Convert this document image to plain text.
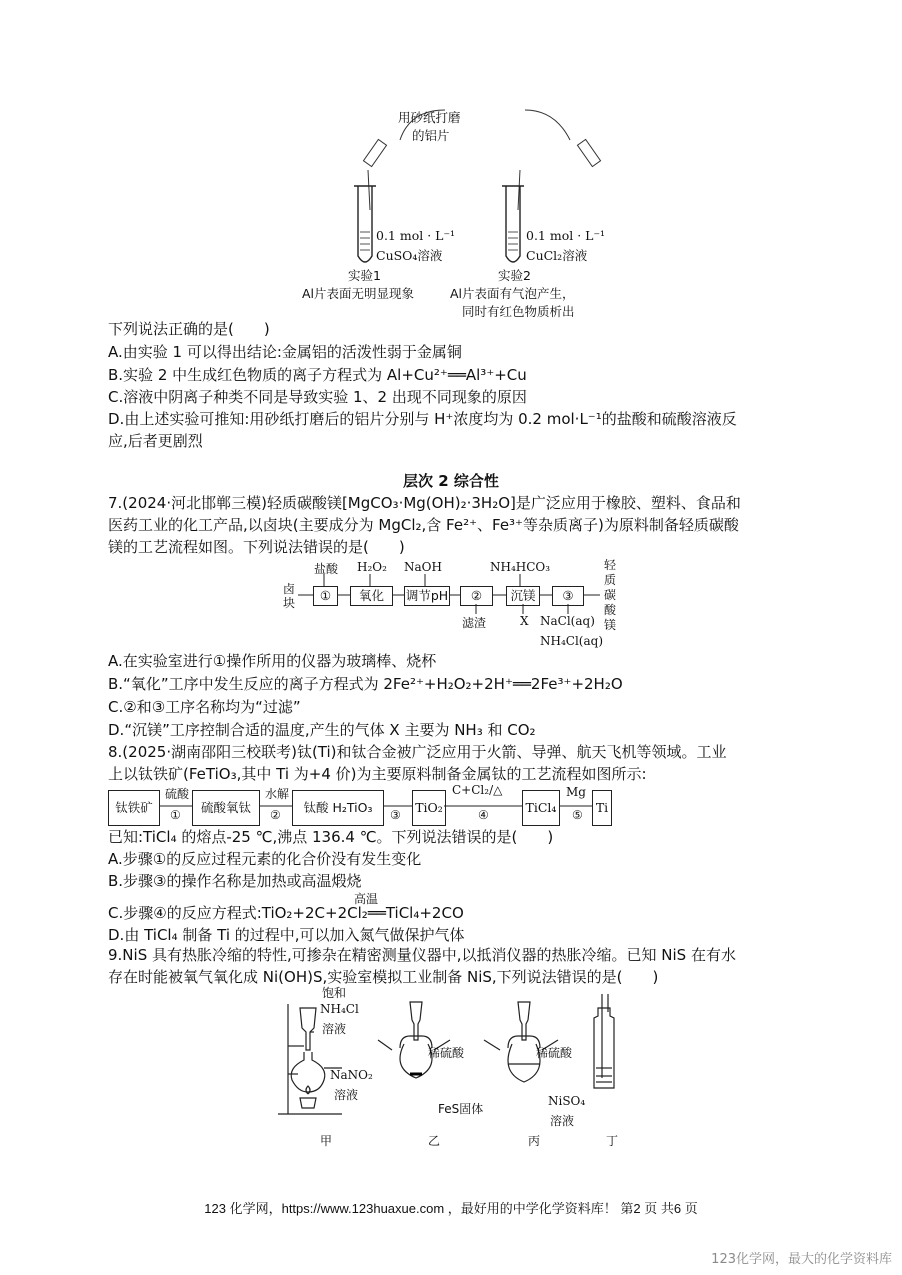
用砂纸打磨
的铝片
0.1 mol · L⁻¹
CuSO₄溶液
实验1
Al片表面无明显现象
0.1 mol · L⁻¹
CuCl₂溶液
实验2
Al片表面有气泡产生，
同时有红色物质析出
下列说法正确的是(　　)
A.由实验 1 可以得出结论:金属铝的活泼性弱于金属铜
B.实验 2 中生成红色物质的离子方程式为 Al+Cu²⁺══Al³⁺+Cu
C.溶液中阴离子种类不同是导致实验 1、2 出现不同现象的原因
D.由上述实验可推知:用砂纸打磨后的铝片分别与 H⁺浓度均为 0.2 mol·L⁻¹的盐酸和硫酸溶液反
应,后者更剧烈
层次 2 综合性
7.(2024·河北邯郸三模)轻质碳酸镁[MgCO₃·Mg(OH)₂·3H₂O]是广泛应用于橡胶、塑料、食品和
医药工业的化工产品,以卤块(主要成分为 MgCl₂,含 Fe²⁺、Fe³⁺等杂质离子)为原料制备轻质碳酸
镁的工艺流程如图。下列说法错误的是(　　)
卤块
盐酸 H₂O₂ NaOH	NH₄HCO₃
①	氧化	调节pH	②	沉镁	③
滤渣	X NaCl(aq)
NH₄Cl(aq)
轻质碳酸镁
A.在实验室进行①操作所用的仪器为玻璃棒、烧杯
B.“氧化”工序中发生反应的离子方程式为 2Fe²⁺+H₂O₂+2H⁺══2Fe³⁺+2H₂O
C.②和③工序名称均为“过滤”
D.“沉镁”工序控制合适的温度,产生的气体 X 主要为 NH₃ 和 CO₂
8.(2025·湖南邵阳三校联考)钛(Ti)和钛合金被广泛应用于火箭、导弹、航天飞机等领域。工业
上以钛铁矿(FeTiO₃,其中 Ti 为+4 价)为主要原料制备金属钛的工艺流程如图所示:
钛铁矿	硫酸氧钛	钛酸 H₂TiO₃	TiO₂	TiCl₄	Ti
硫酸	水解	C+Cl₂/△	Mg
①	②	③	④	⑤
已知:TiCl₄ 的熔点-25 ℃,沸点 136.4 ℃。下列说法错误的是(　　)
A.步骤①的反应过程元素的化合价没有发生变化
B.步骤③的操作名称是加热或高温煅烧
高温
C.步骤④的反应方程式:TiO₂+2C+2Cl₂══TiCl₄+2CO
D.由 TiCl₄ 制备 Ti 的过程中,可以加入氮气做保护气体
9.NiS 具有热胀冷缩的特性,可掺杂在精密测量仪器中,以抵消仪器的热胀冷缩。已知 NiS 在有水
存在时能被氧气氧化成 Ni(OH)S,实验室模拟工业制备 NiS,下列说法错误的是(　　)
饱和
NH₄Cl
溶液
NaNO₂
溶液
稀硫酸
FeS固体
稀硫酸
NiSO₄
溶液
甲	乙	丙	丁
123 化学网，https://www.123huaxue.com ，最好用的中学化学资料库！ 第2 页 共6 页
123化学网，最大的化学资料库
